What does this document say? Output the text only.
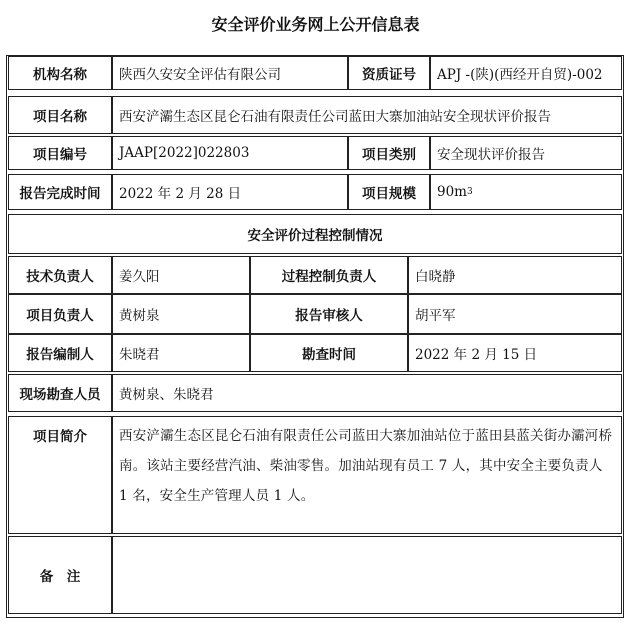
安全评价业务网上公开信息表
机构名称	陕西久安安全评估有限公司	资质证号	APJ -(陕)(西经开自贸)-002
项目名称	西安浐灞生态区昆仑石油有限责任公司蓝田大寨加油站安全现状评价报告
项目编号	JAAP[2022]022803	项目类别	安全现状评价报告
报告完成时间	2022 年 2 月 28 日	项目规模	90m 3
安全评价过程控制情况
技术负责人	姜久阳	过程控制负责人	白晓静
项目负责人	黄树泉	报告审核人	胡平军
报告编制人	朱晓君	勘查时间	2022 年 2 月 15 日
现场勘查人员	黄树泉、朱晓君
项目简介	西安浐灞生态区昆仑石油有限责任公司蓝田大寨加油站位于蓝田县蓝关街办灞河桥南。该站主要经营汽油、柴油零售。加油站现有员工 7 人，其中安全主要负责人 1 名，安全生产管理人员 1 人。
备　注
